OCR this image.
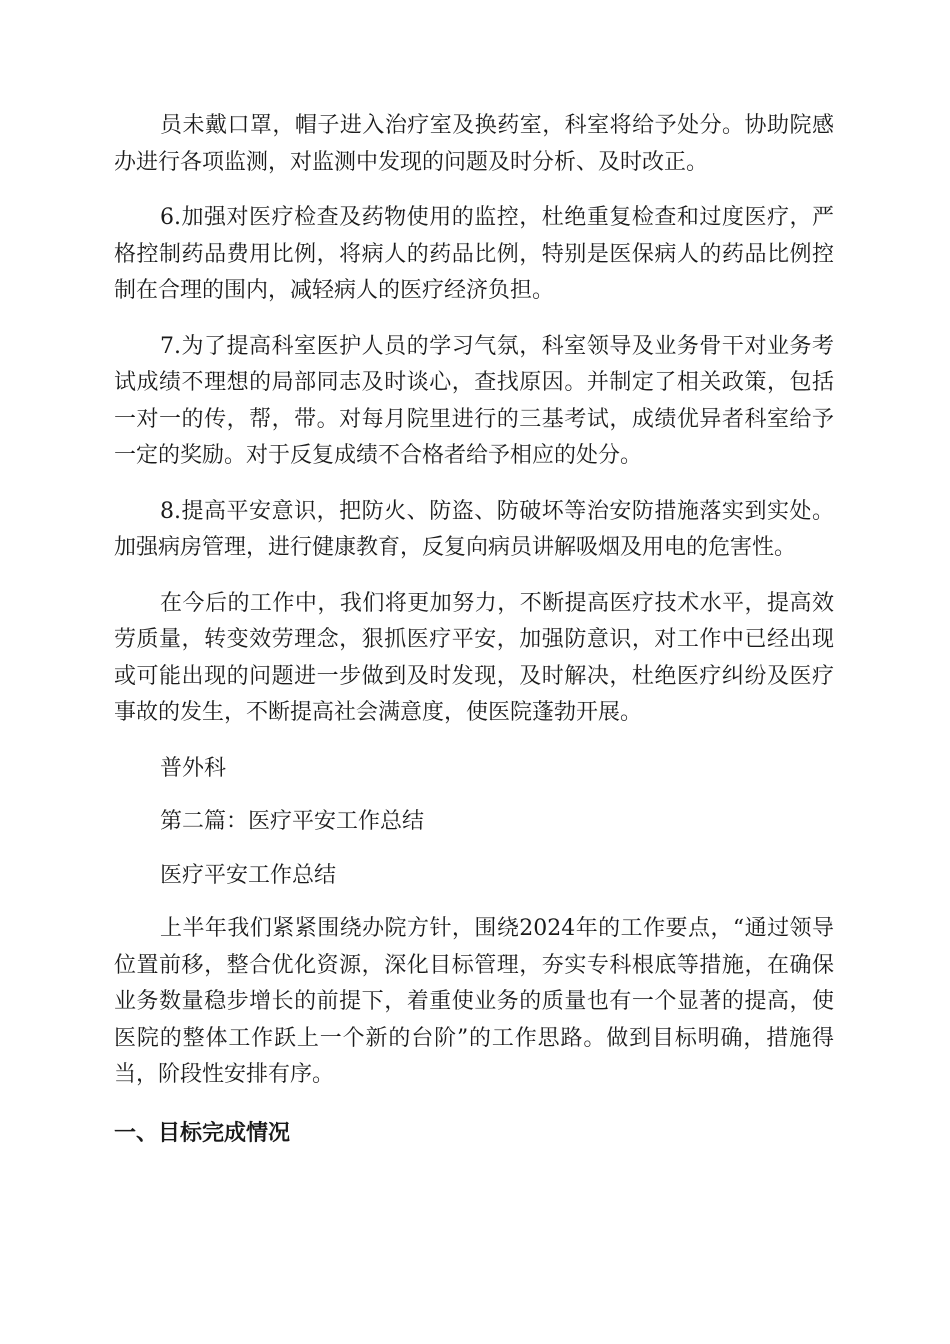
员未戴口罩，帽子进入治疗室及换药室，科室将给予处分。协助院感办进行各项监测，对监测中发现的问题及时分析、及时改正。

6.加强对医疗检查及药物使用的监控，杜绝重复检查和过度医疗，严格控制药品费用比例，将病人的药品比例，特别是医保病人的药品比例控制在合理的围内，减轻病人的医疗经济负担。

7.为了提高科室医护人员的学习气氛，科室领导及业务骨干对业务考试成绩不理想的局部同志及时谈心，查找原因。并制定了相关政策，包括一对一的传，帮，带。对每月院里进行的三基考试，成绩优异者科室给予一定的奖励。对于反复成绩不合格者给予相应的处分。

8.提高平安意识，把防火、防盗、防破坏等治安防措施落实到实处。加强病房管理，进行健康教育，反复向病员讲解吸烟及用电的危害性。

在今后的工作中，我们将更加努力，不断提高医疗技术水平，提高效劳质量，转变效劳理念，狠抓医疗平安，加强防意识，对工作中已经出现或可能出现的问题进一步做到及时发现，及时解决，杜绝医疗纠纷及医疗事故的发生，不断提高社会满意度，使医院蓬勃开展。

普外科

第二篇：医疗平安工作总结

医疗平安工作总结

上半年我们紧紧围绕办院方针，围绕2024年的工作要点，“通过领导位置前移，整合优化资源，深化目标管理，夯实专科根底等措施，在确保业务数量稳步增长的前提下，着重使业务的质量也有一个显著的提高，使医院的整体工作跃上一个新的台阶”的工作思路。做到目标明确，措施得当，阶段性安排有序。

一、目标完成情况
